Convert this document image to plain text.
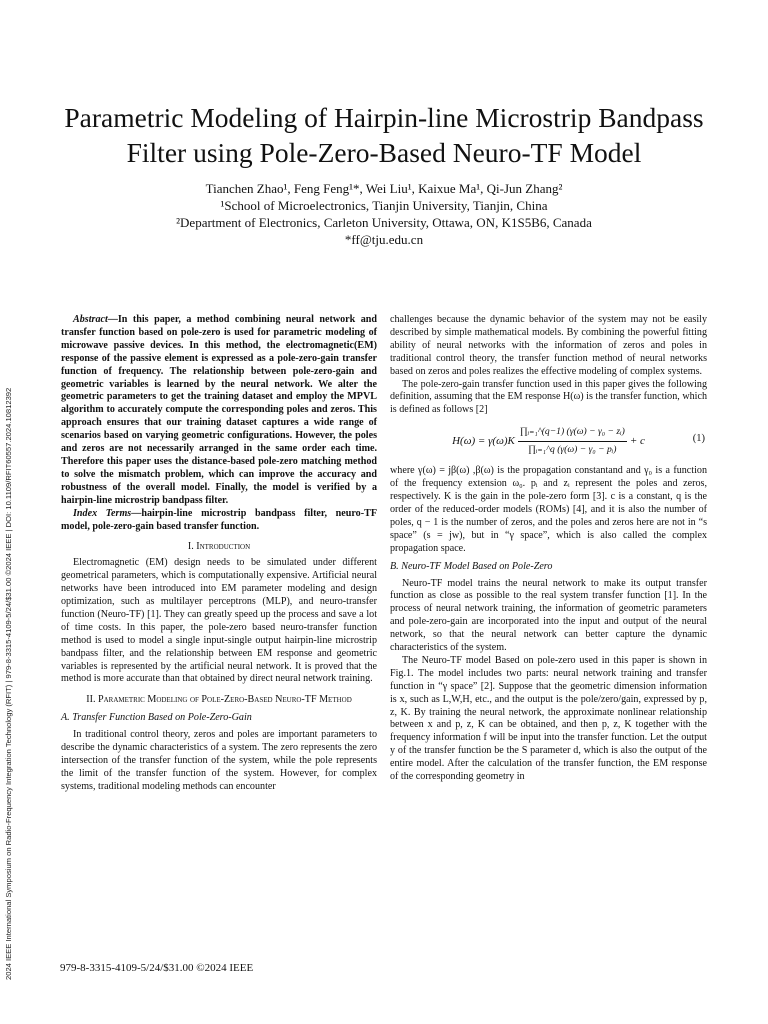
2024 IEEE International Symposium on Radio-Frequency Integration Technology (RFIT) | 979-8-3315-4109-5/24/$31.00 ©2024 IEEE | DOI: 10.1109/RFIT60557.2024.10812392
Parametric Modeling of Hairpin-line Microstrip Bandpass Filter using Pole-Zero-Based Neuro-TF Model
Tianchen Zhao¹, Feng Feng¹*, Wei Liu¹, Kaixue Ma¹, Qi-Jun Zhang²
¹School of Microelectronics, Tianjin University, Tianjin, China
²Department of Electronics, Carleton University, Ottawa, ON, K1S5B6, Canada
*ff@tju.edu.cn

Abstract—In this paper, a method combining neural network and transfer function based on pole-zero is used for parametric modeling of microwave passive devices. In this method, the electromagnetic(EM) response of the passive element is expressed as a pole-zero-gain transfer function of frequency. The relationship between pole-zero-gain and geometric variables is learned by the neural network. We alter the geometric parameters to get the training dataset and employ the MPVL algorithm to accurately compute the corresponding poles and zeros. This approach ensures that our training dataset captures a wide range of scenarios based on varying geometric configurations. However, the poles and zeros are not necessarily arranged in the same order each time. Therefore this paper uses the distance-based pole-zero matching method to solve the mismatch problem, which can improve the accuracy and robustness of the overall model. Finally, the model is verified by a hairpin-line microstrip bandpass filter.

Index Terms—hairpin-line microstrip bandpass filter, neuro-TF model, pole-zero-gain based transfer function.

I. Introduction

Electromagnetic (EM) design needs to be simulated under different geometrical parameters, which is computationally expensive. Artificial neural networks have been introduced into EM parameter modeling and design optimization, such as multilayer perceptrons (MLP), and neuro-transfer function (Neuro-TF) [1]. They can greatly speed up the process and save a lot of time costs. In this paper, the pole-zero based neuro-transfer function method is used to model a single input-single output hairpin-line microstrip bandpass filter, and the relationship between EM response and geometric variables is represented by the artificial neural network. It is proved that the method is more accurate than that obtained by direct neural network training.

II. Parametric Modeling of Pole-Zero-Based Neuro-TF Method
A. Transfer Function Based on Pole-Zero-Gain

In traditional control theory, zeros and poles are important parameters to describe the dynamic characteristics of a system. The zero represents the zero intersection of the transfer function of the system, while the pole represents the limit of the transfer function of the system. However, for complex systems, traditional modeling methods can encounter

challenges because the dynamic behavior of the system may not be easily described by simple mathematical models. By combining the powerful fitting ability of neural networks with the information of zeros and poles in traditional control theory, the transfer function method of neural networks based on zeros and poles realizes the effective modeling of complex systems.

The pole-zero-gain transfer function used in this paper gives the following definition, assuming that the EM response H(ω) is the transfer function, which is defined as follows [2]

$H(\omega) = \gamma(\omega)K \frac{\text{∏ᵢ₌₁\textasciicircum{}(q−1) (γ(ω) − γ₀ − zᵢ)}}{\text{∏ᵢ₌₁\textasciicircum{}q (γ(ω) − γ₀ − pᵢ)}} + c$	(1)

where γ(ω) = jβ(ω) ,β(ω) is the propagation constantand and γ₀ is a function of the frequency extension ω₀. pᵢ and zᵢ represent the poles and zeros, respectively. K is the gain in the pole-zero form [3]. c is a constant, q is the order of the reduced-order models (ROMs) [4], and it is also the number of poles, q − 1 is the number of zeros, and the poles and zeros here are not in “s space” (s = jw), but in “γ space”, which is also called the complex propagation space.

B. Neuro-TF Model Based on Pole-Zero

Neuro-TF model trains the neural network to make its output transfer function as close as possible to the real system transfer function [1]. In the process of neural network training, the information of geometric parameters and pole-zero-gain are incorporated into the input and output of the neural network, so that the neural network can better capture the dynamic characteristics of the system.

The Neuro-TF model Based on pole-zero used in this paper is shown in Fig.1. The model includes two parts: neural network training and transfer function in “γ space” [2]. Suppose that the geometric dimension information is x, such as L,W,H, etc., and the output is the pole/zero/gain, expressed by p, z, K. By training the neural network, the approximate nonlinear relationship between x and p, z, K can be obtained, and then p, z, K together with the frequency information f will be input into the transfer function. Let the output y of the transfer function be the S parameter d, which is also the output of the entire model. After the calculation of the transfer function, the EM response of the corresponding geometry in

979-8-3315-4109-5/24/$31.00 ©2024 IEEE
